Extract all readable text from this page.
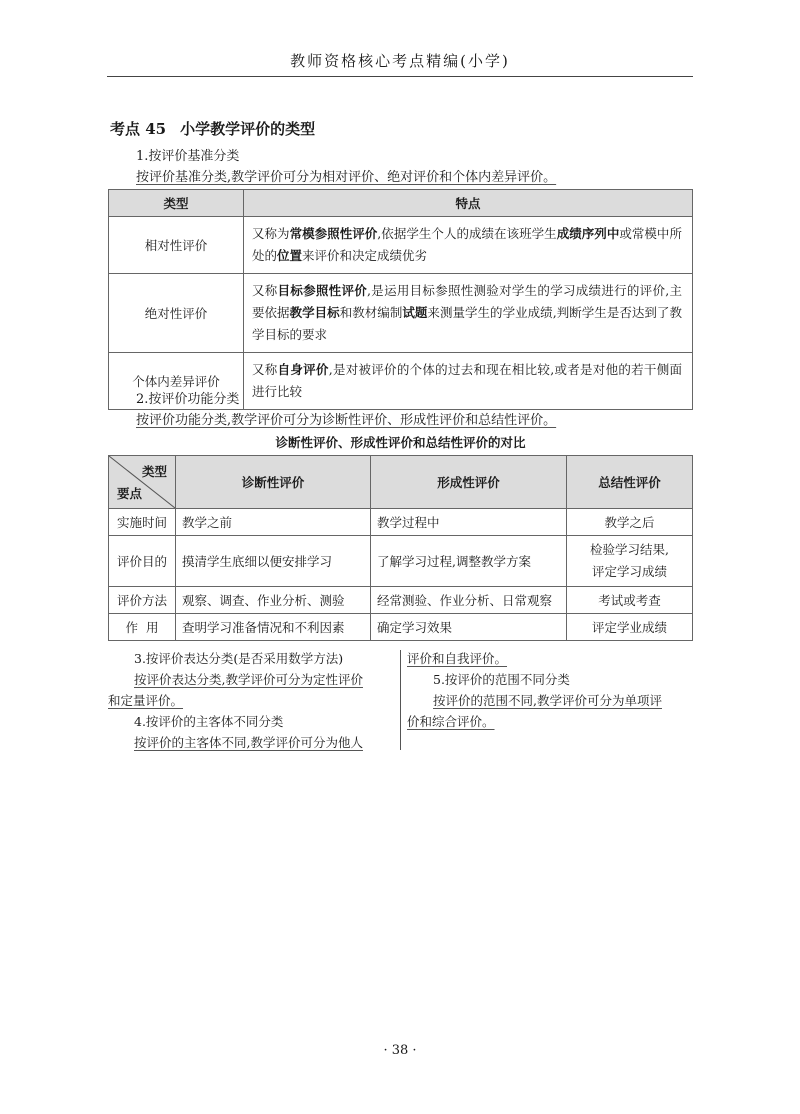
教师资格核心考点精编(小学)
考点 45 小学教学评价的类型
1.按评价基准分类
按评价基准分类,教学评价可分为相对评价、绝对评价和个体内差异评价。
类型	特点
相对性评价	又称为常模参照性评价,依据学生个人的成绩在该班学生成绩序列中或常模中所处的位置来评价和决定成绩优劣
绝对性评价	又称目标参照性评价,是运用目标参照性测验对学生的学习成绩进行的评价,主要依据教学目标和教材编制试题来测量学生的学业成绩,判断学生是否达到了教学目标的要求
个体内差异评价	又称自身评价,是对被评价的个体的过去和现在相比较,或者是对他的若干侧面进行比较
2.按评价功能分类
按评价功能分类,教学评价可分为诊断性评价、形成性评价和总结性评价。
诊断性评价、形成性评价和总结性评价的对比
类型
要点	诊断性评价	形成性评价	总结性评价
实施时间	教学之前	教学过程中	教学之后
评价目的	摸清学生底细以便安排学习	了解学习过程,调整教学方案	检验学习结果,
评定学习成绩

评价方法	观察、调查、作业分析、测验	经常测验、作业分析、日常观察	考试或考查
作  用	查明学习准备情况和不利因素	确定学习效果	评定学业成绩
3.按评价表达分类(是否采用数学方法)
按评价表达分类,教学评价可分为定性评价
和定量评价。
4.按评价的主客体不同分类
按评价的主客体不同,教学评价可分为他人
评价和自我评价。
5.按评价的范围不同分类
按评价的范围不同,教学评价可分为单项评
价和综合评价。
· 38 ·
